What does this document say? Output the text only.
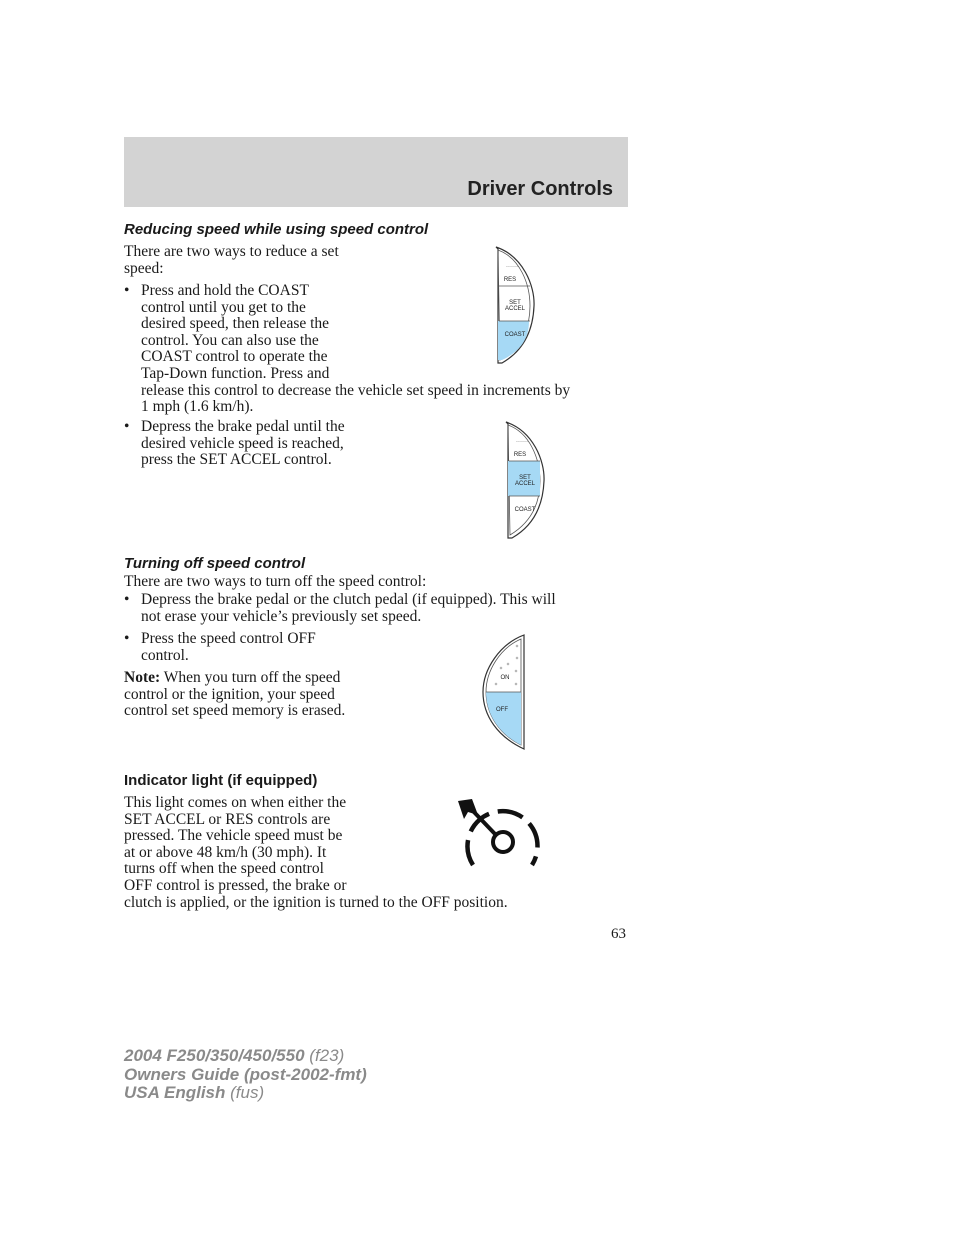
Driver Controls
Reducing speed while using speed control
There are two ways to reduce a set speed:
• Press and hold the COAST
control until you get to the
desired speed, then release the
control. You can also use the
COAST control to operate the
Tap-Down function. Press and
release this control to decrease the vehicle set speed in increments by
1 mph (1.6 km/h).
• Depress the brake pedal until the
desired vehicle speed is reached,
press the SET ACCEL control.
~~~~~~
RES
SET
ACCEL
COAST
~~~~~~
RES
SET
ACCEL
COAST
Turning off speed control
There are two ways to turn off the speed control:
• Depress the brake pedal or the clutch pedal (if equipped). This will
not erase your vehicle’s previously set speed.
• Press the speed control OFF
control.
Note: When you turn off the speed
control or the ignition, your speed
control set speed memory is erased.
ON
OFF
Indicator light (if equipped)
This light comes on when either the
SET ACCEL or RES controls are
pressed. The vehicle speed must be
at or above 48 km/h (30 mph). It
turns off when the speed control
OFF control is pressed, the brake or
clutch is applied, or the ignition is turned to the OFF position.
63
2004 F250/350/450/550 (f23)
Owners Guide (post-2002-fmt)
USA English (fus)
